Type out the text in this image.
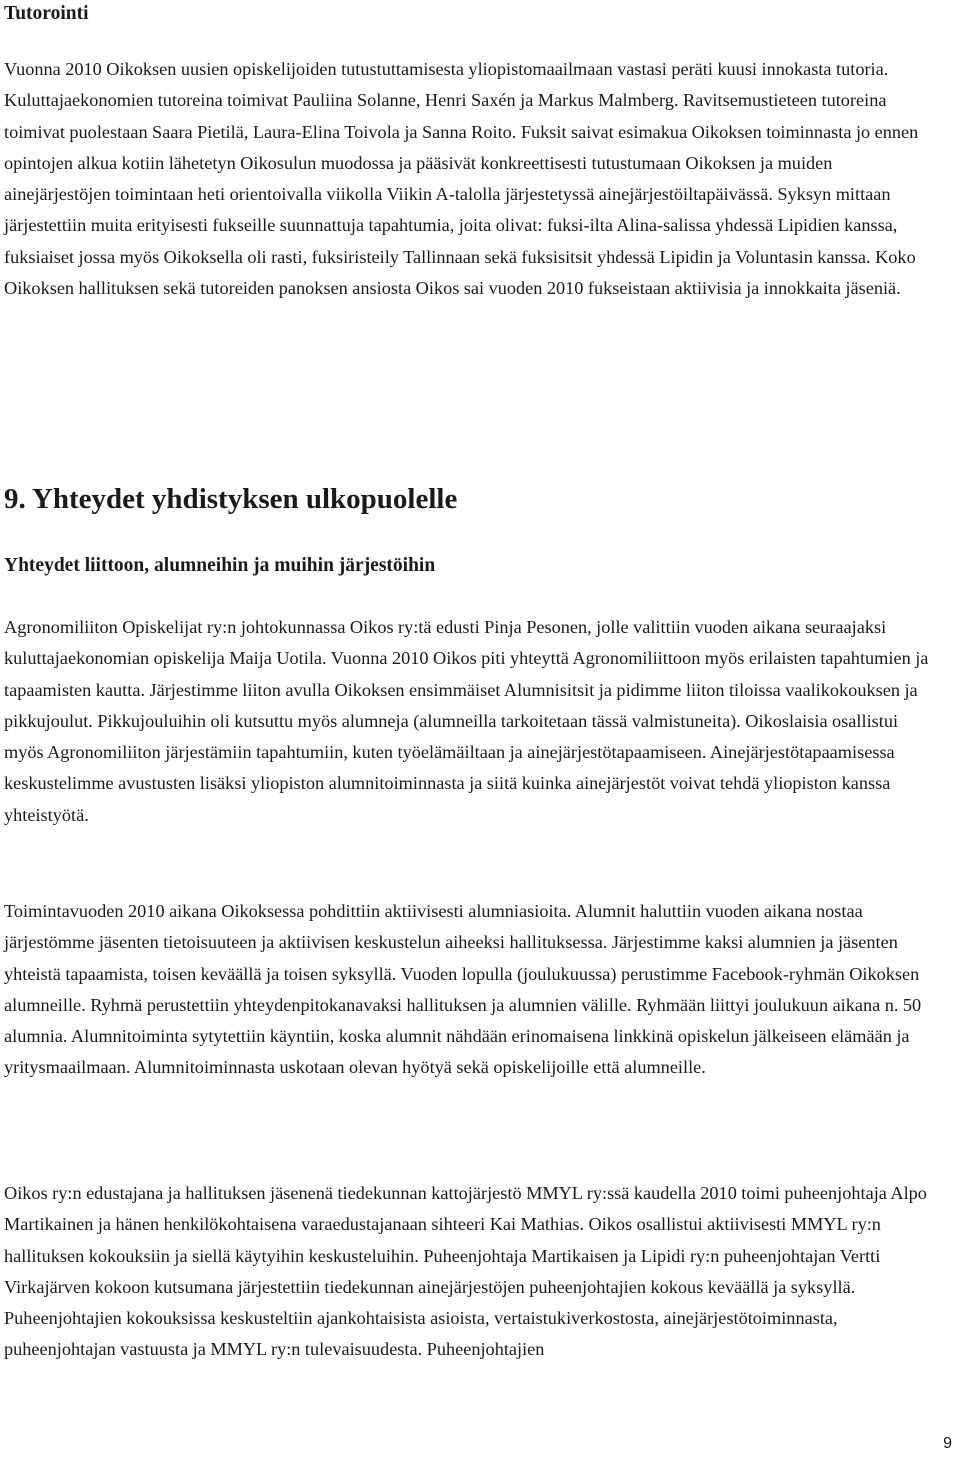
Tutorointi

Vuonna 2010 Oikoksen uusien opiskelijoiden tutustuttamisesta yliopistomaailmaan vastasi peräti kuusi innokasta tutoria. Kuluttajaekonomien tutoreina toimivat Pauliina Solanne, Henri Saxén ja Markus Malmberg. Ravitsemustieteen tutoreina toimivat puolestaan Saara Pietilä, Laura-Elina Toivola ja Sanna Roito. Fuksit saivat esimakua Oikoksen toiminnasta jo ennen opintojen alkua kotiin lähetetyn Oikosulun muodossa ja pääsivät konkreettisesti tutustumaan Oikoksen ja muiden ainejärjestöjen toimintaan heti orientoivalla viikolla Viikin A-talolla järjestetyssä ainejärjestöiltapäivässä. Syksyn mittaan järjestettiin muita erityisesti fukseille suunnattuja tapahtumia, joita olivat: fuksi-ilta Alina-salissa yhdessä Lipidien kanssa, fuksiaiset jossa myös Oikoksella oli rasti, fuksiristeily Tallinnaan sekä fuksisitsit yhdessä Lipidin ja Voluntasin kanssa. Koko Oikoksen hallituksen sekä tutoreiden panoksen ansiosta Oikos sai vuoden 2010 fukseistaan aktiivisia ja innokkaita jäseniä.

9. Yhteydet yhdistyksen ulkopuolelle
Yhteydet liittoon, alumneihin ja muihin järjestöihin

Agronomiliiton Opiskelijat ry:n johtokunnassa Oikos ry:tä edusti Pinja Pesonen, jolle valittiin vuoden aikana seuraajaksi kuluttajaekonomian opiskelija Maija Uotila. Vuonna 2010 Oikos piti yhteyttä Agronomiliittoon myös erilaisten tapahtumien ja tapaamisten kautta. Järjestimme liiton avulla Oikoksen ensimmäiset Alumnisitsit ja pidimme liiton tiloissa vaalikokouksen ja pikkujoulut. Pikkujouluihin oli kutsuttu myös alumneja (alumneilla tarkoitetaan tässä valmistuneita). Oikoslaisia osallistui myös Agronomiliiton järjestämiin tapahtumiin, kuten työelämäiltaan ja ainejärjestötapaamiseen. Ainejärjestötapaamisessa keskustelimme avustusten lisäksi yliopiston alumnitoiminnasta ja siitä kuinka ainejärjestöt voivat tehdä yliopiston kanssa yhteistyötä.

Toimintavuoden 2010 aikana Oikoksessa pohdittiin aktiivisesti alumniasioita. Alumnit haluttiin vuoden aikana nostaa järjestömme jäsenten tietoisuuteen ja aktiivisen keskustelun aiheeksi hallituksessa. Järjestimme kaksi alumnien ja jäsenten yhteistä tapaamista, toisen keväällä ja toisen syksyllä. Vuoden lopulla (joulukuussa) perustimme Facebook-ryhmän Oikoksen alumneille. Ryhmä perustettiin yhteydenpitokanavaksi hallituksen ja alumnien välille. Ryhmään liittyi joulukuun aikana n. 50 alumnia. Alumnitoiminta sytytettiin käyntiin, koska alumnit nähdään erinomaisena linkkinä opiskelun jälkeiseen elämään ja yritysmaailmaan. Alumnitoiminnasta uskotaan olevan hyötyä sekä opiskelijoille että alumneille.

Oikos ry:n edustajana ja hallituksen jäsenenä tiedekunnan kattojärjestö MMYL ry:ssä kaudella 2010 toimi puheenjohtaja Alpo Martikainen ja hänen henkilökohtaisena varaedustajanaan sihteeri Kai Mathias. Oikos osallistui aktiivisesti MMYL ry:n hallituksen kokouksiin ja siellä käytyihin keskusteluihin. Puheenjohtaja Martikaisen ja Lipidi ry:n puheenjohtajan Vertti Virkajärven kokoon kutsumana järjestettiin tiedekunnan ainejärjestöjen puheenjohtajien kokous keväällä ja syksyllä. Puheenjohtajien kokouksissa keskusteltiin ajankohtaisista asioista, vertaistukiverkostosta, ainejärjestötoiminnasta, puheenjohtajan vastuusta ja MMYL ry:n tulevaisuudesta. Puheenjohtajien

9
